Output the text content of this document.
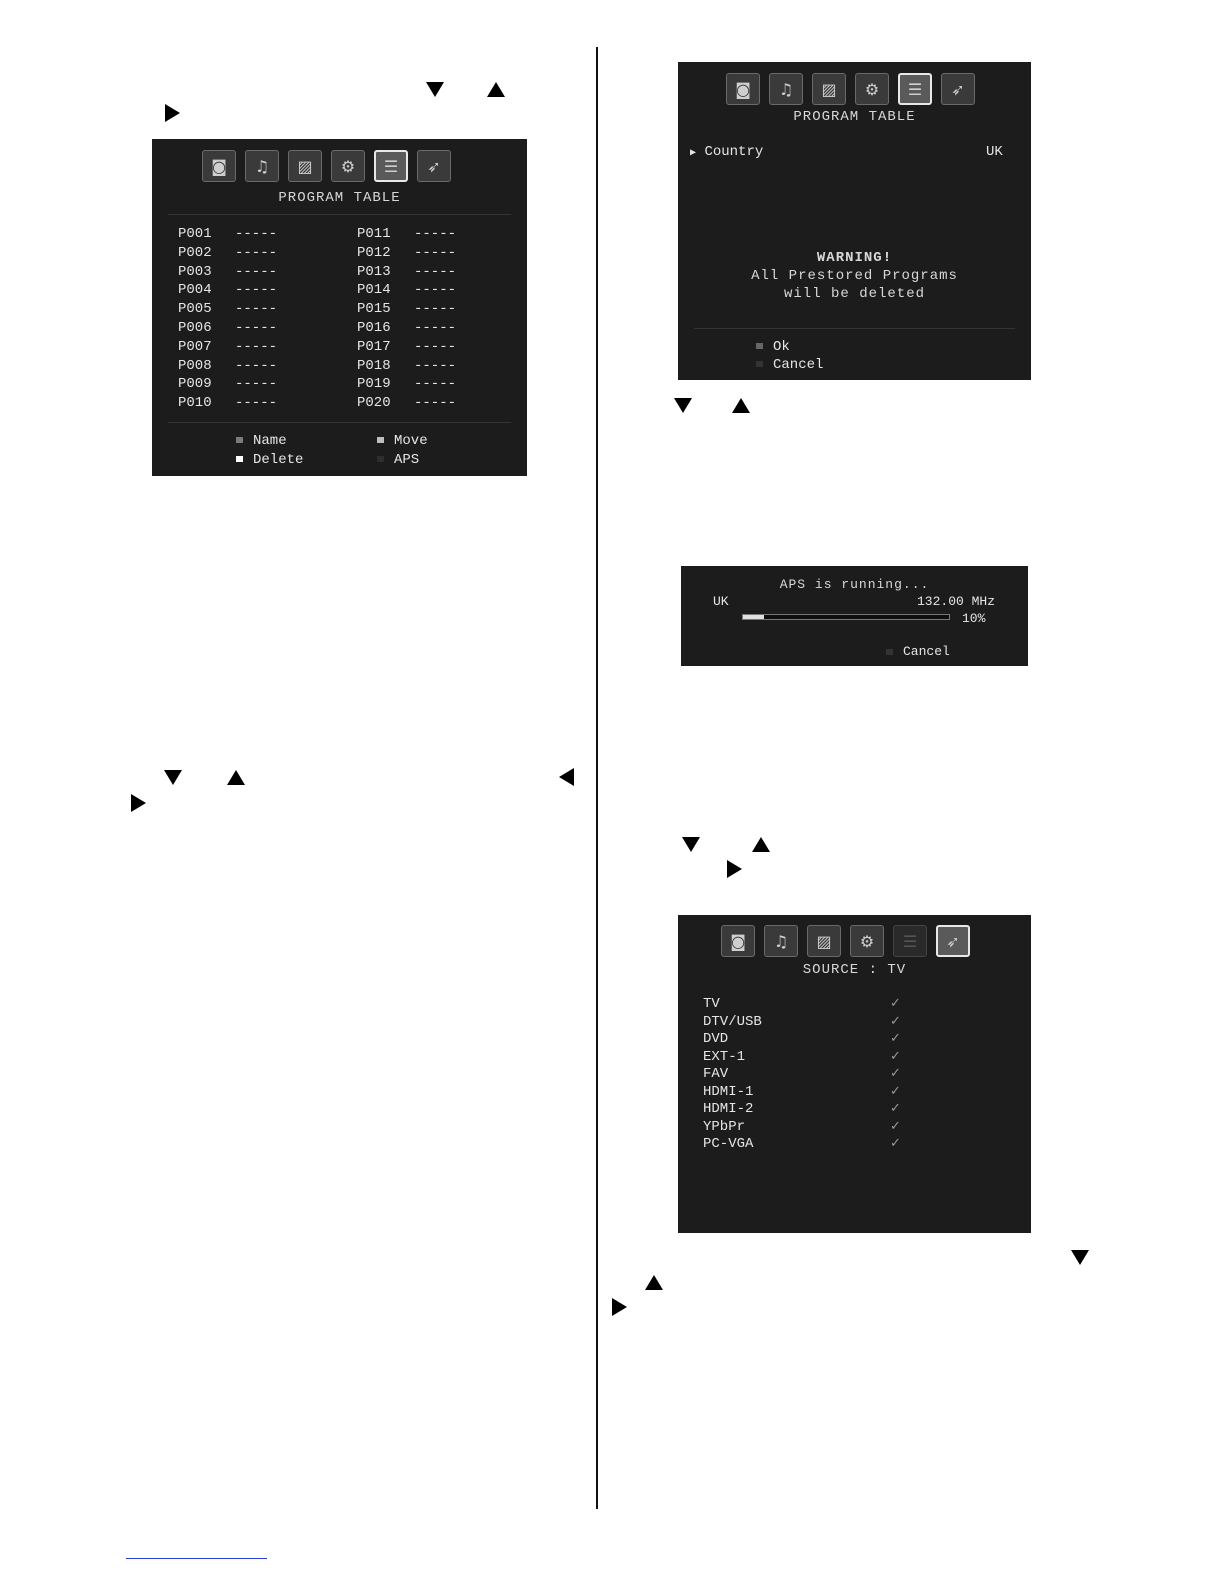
◙	♫	▨	⚙	☰	➶
PROGRAM TABLE
P001	-----	P011	-----
P002	-----	P012	-----
P003	-----	P013	-----
P004	-----	P014	-----
P005	-----	P015	-----
P006	-----	P016	-----
P007	-----	P017	-----
P008	-----	P018	-----
P009	-----	P019	-----
P010	-----	P020	-----
Name	Move
Delete	APS
◙	♫	▨	⚙	☰	➶
PROGRAM TABLE
▶ Country	UK
WARNING!
All Prestored Programs
will be deleted
Ok
Cancel
APS is running...
UK	132.00 MHz
10%
Cancel
◙	♫	▨	⚙	☰	➶
SOURCE : TV
TV	✓
DTV/USB	✓
DVD	✓
EXT-1	✓
FAV	✓
HDMI-1	✓
HDMI-2	✓
YPbPr	✓
PC-VGA	✓
